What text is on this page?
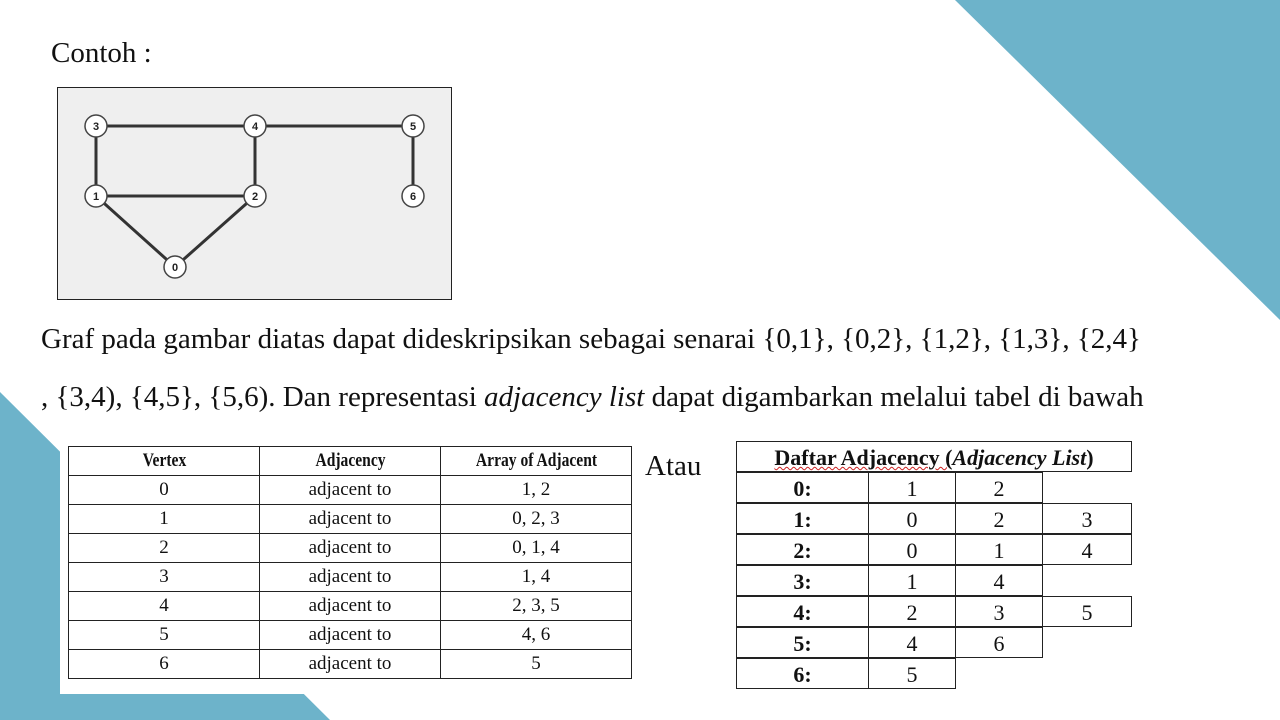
Contoh :
0
1	2
3	4	5
6
Graf pada gambar diatas dapat dideskripsikan sebagai senarai {0,1}, {0,2}, {1,2}, {1,3}, {2,4}
, {3,4), {4,5}, {5,6). Dan representasi adjacency list dapat digambarkan melalui tabel di bawah
Vertex	Adjacency	Array of Adjacent
0	adjacent to	1, 2
1	adjacent to	0, 2, 3
2	adjacent to	0, 1, 4
3	adjacent to	1, 4
4	adjacent to	2, 3, 5
5	adjacent to	4, 6
6	adjacent to	5
Atau	Daftar Adjacency (Adjacency List)
0:	1	2
1:	0	2	3
2:	0	1	4
3:	1	4
4:	2	3	5
5:	4	6
6:	5
